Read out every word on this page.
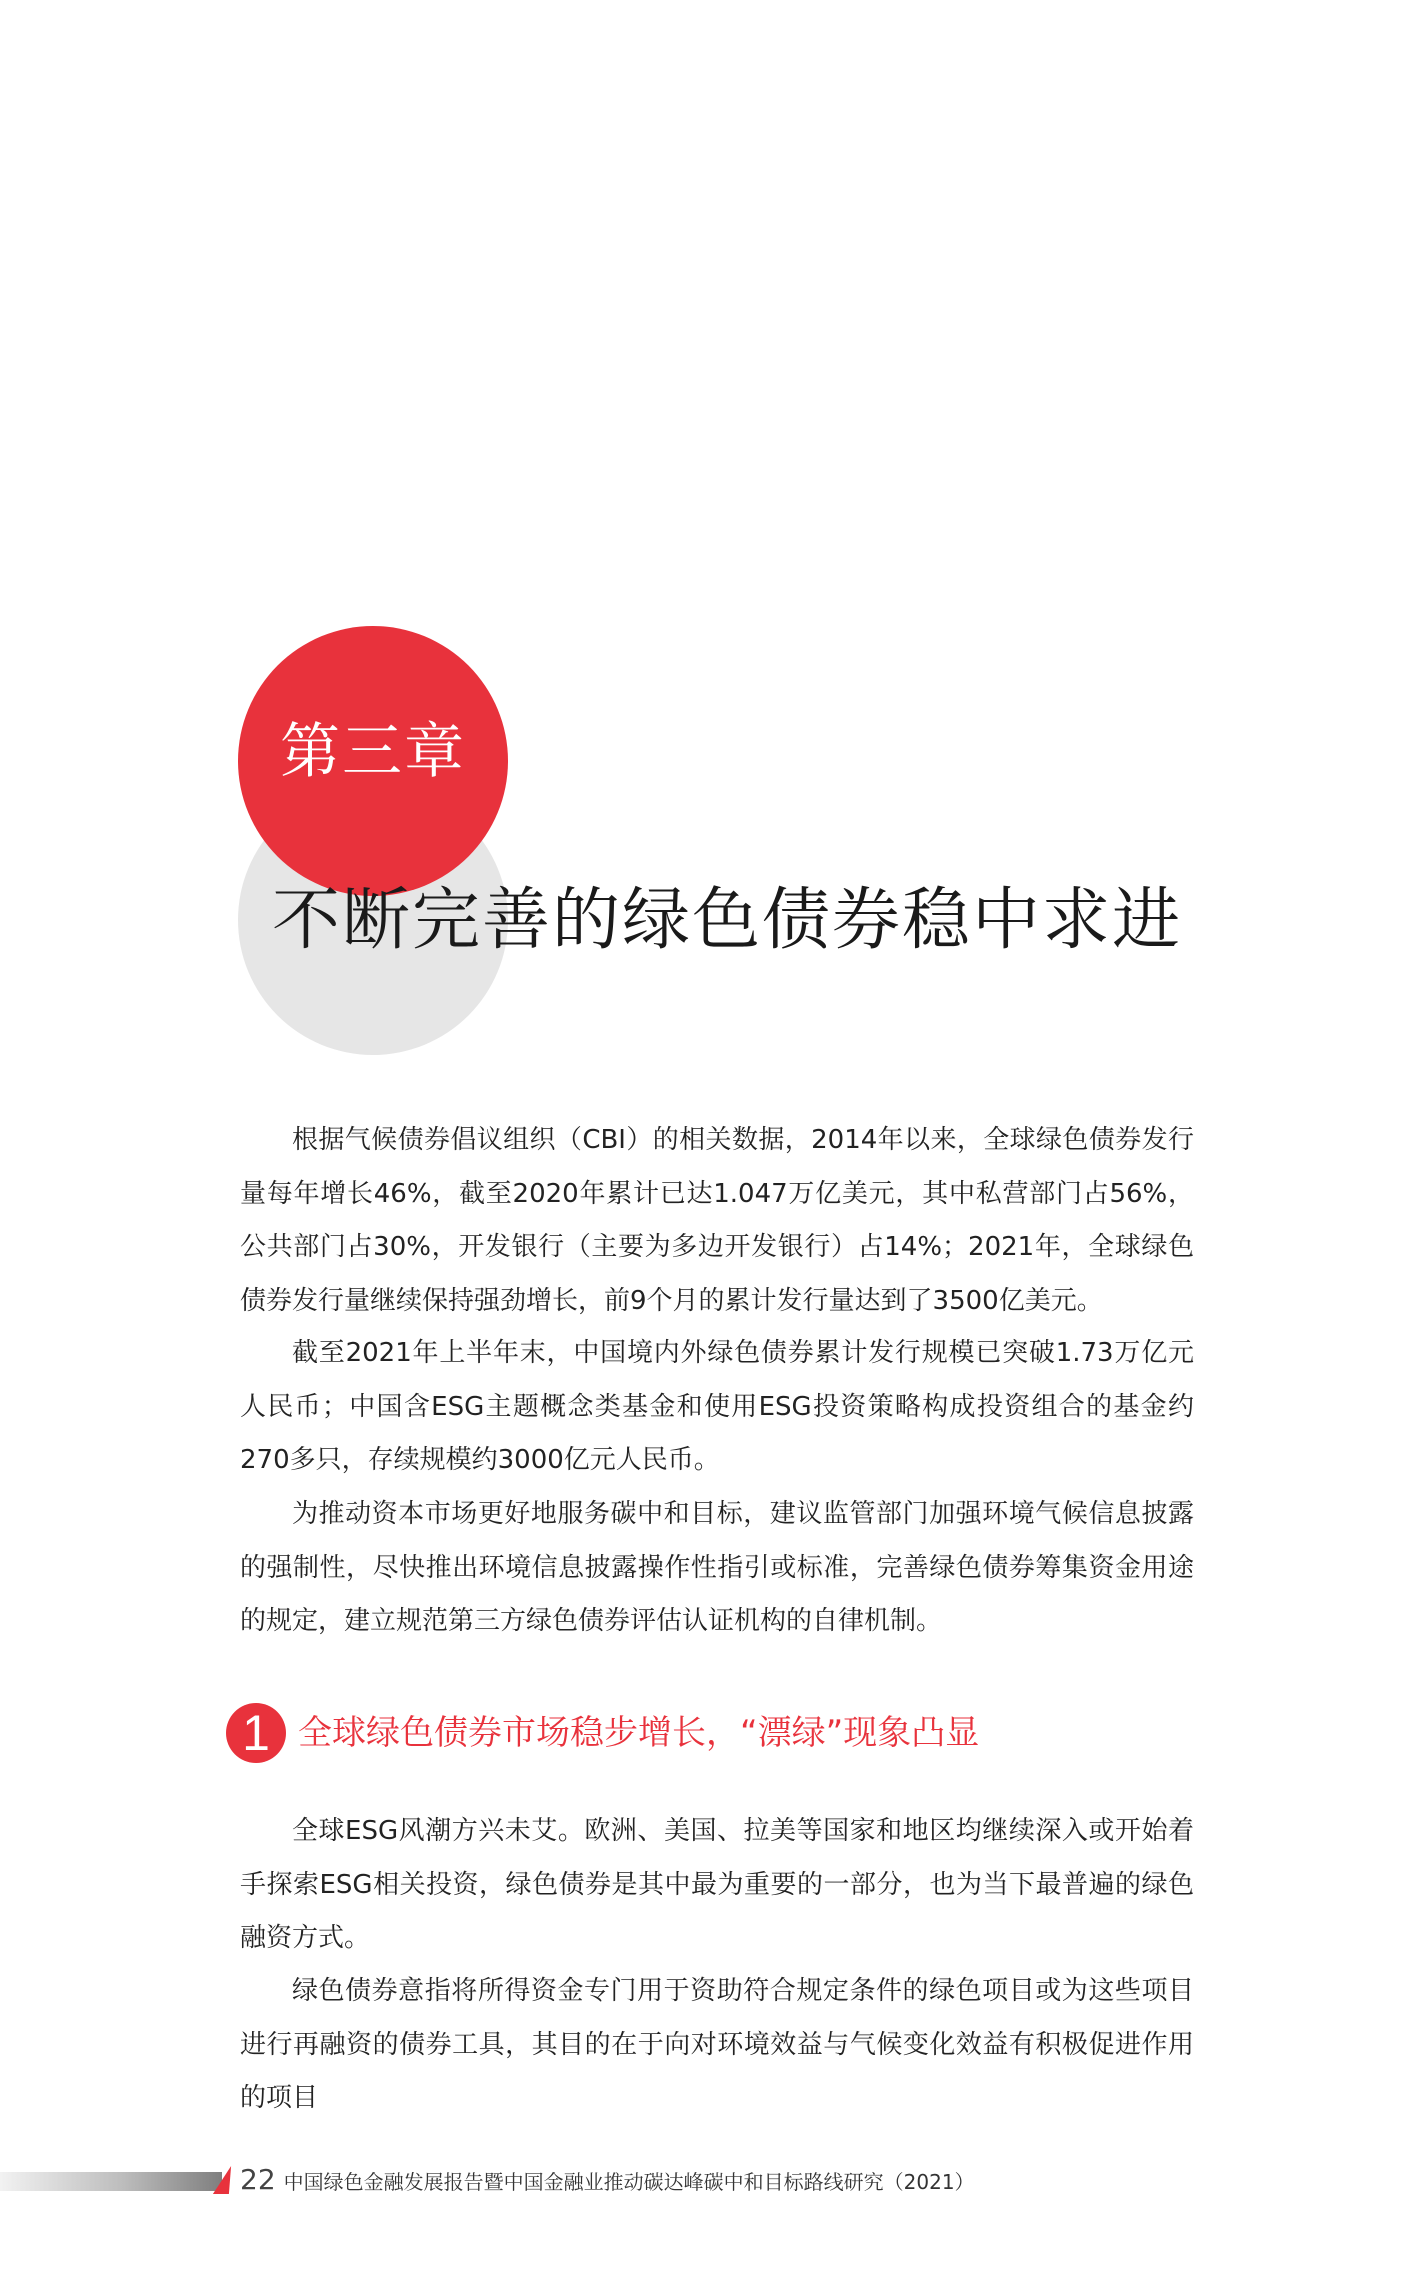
第三章
不断完善的绿色债券稳中求进

根据气候债券倡议组织（CBI）的相关数据，2014年以来，全球绿色债券发行量每年增长46%，截至2020年累计已达1.047万亿美元，其中私营部门占56%，公共部门占30%，开发银行（主要为多边开发银行）占14%；2021年，全球绿色债券发行量继续保持强劲增长，前9个月的累计发行量达到了3500亿美元。

截至2021年上半年末，中国境内外绿色债券累计发行规模已突破1.73万亿元人民币；中国含ESG主题概念类基金和使用ESG投资策略构成投资组合的基金约270多只，存续规模约3000亿元人民币。

为推动资本市场更好地服务碳中和目标，建议监管部门加强环境气候信息披露的强制性，尽快推出环境信息披露操作性指引或标准，完善绿色债券筹集资金用途的规定，建立规范第三方绿色债券评估认证机构的自律机制。

1 全球绿色债券市场稳步增长，“漂绿”现象凸显

全球ESG风潮方兴未艾。欧洲、美国、拉美等国家和地区均继续深入或开始着手探索ESG相关投资，绿色债券是其中最为重要的一部分，也为当下最普遍的绿色融资方式。

绿色债券意指将所得资金专门用于资助符合规定条件的绿色项目或为这些项目进行再融资的债券工具，其目的在于向对环境效益与气候变化效益有积极促进作用的项目

22 中国绿色金融发展报告暨中国金融业推动碳达峰碳中和目标路线研究（2021）
